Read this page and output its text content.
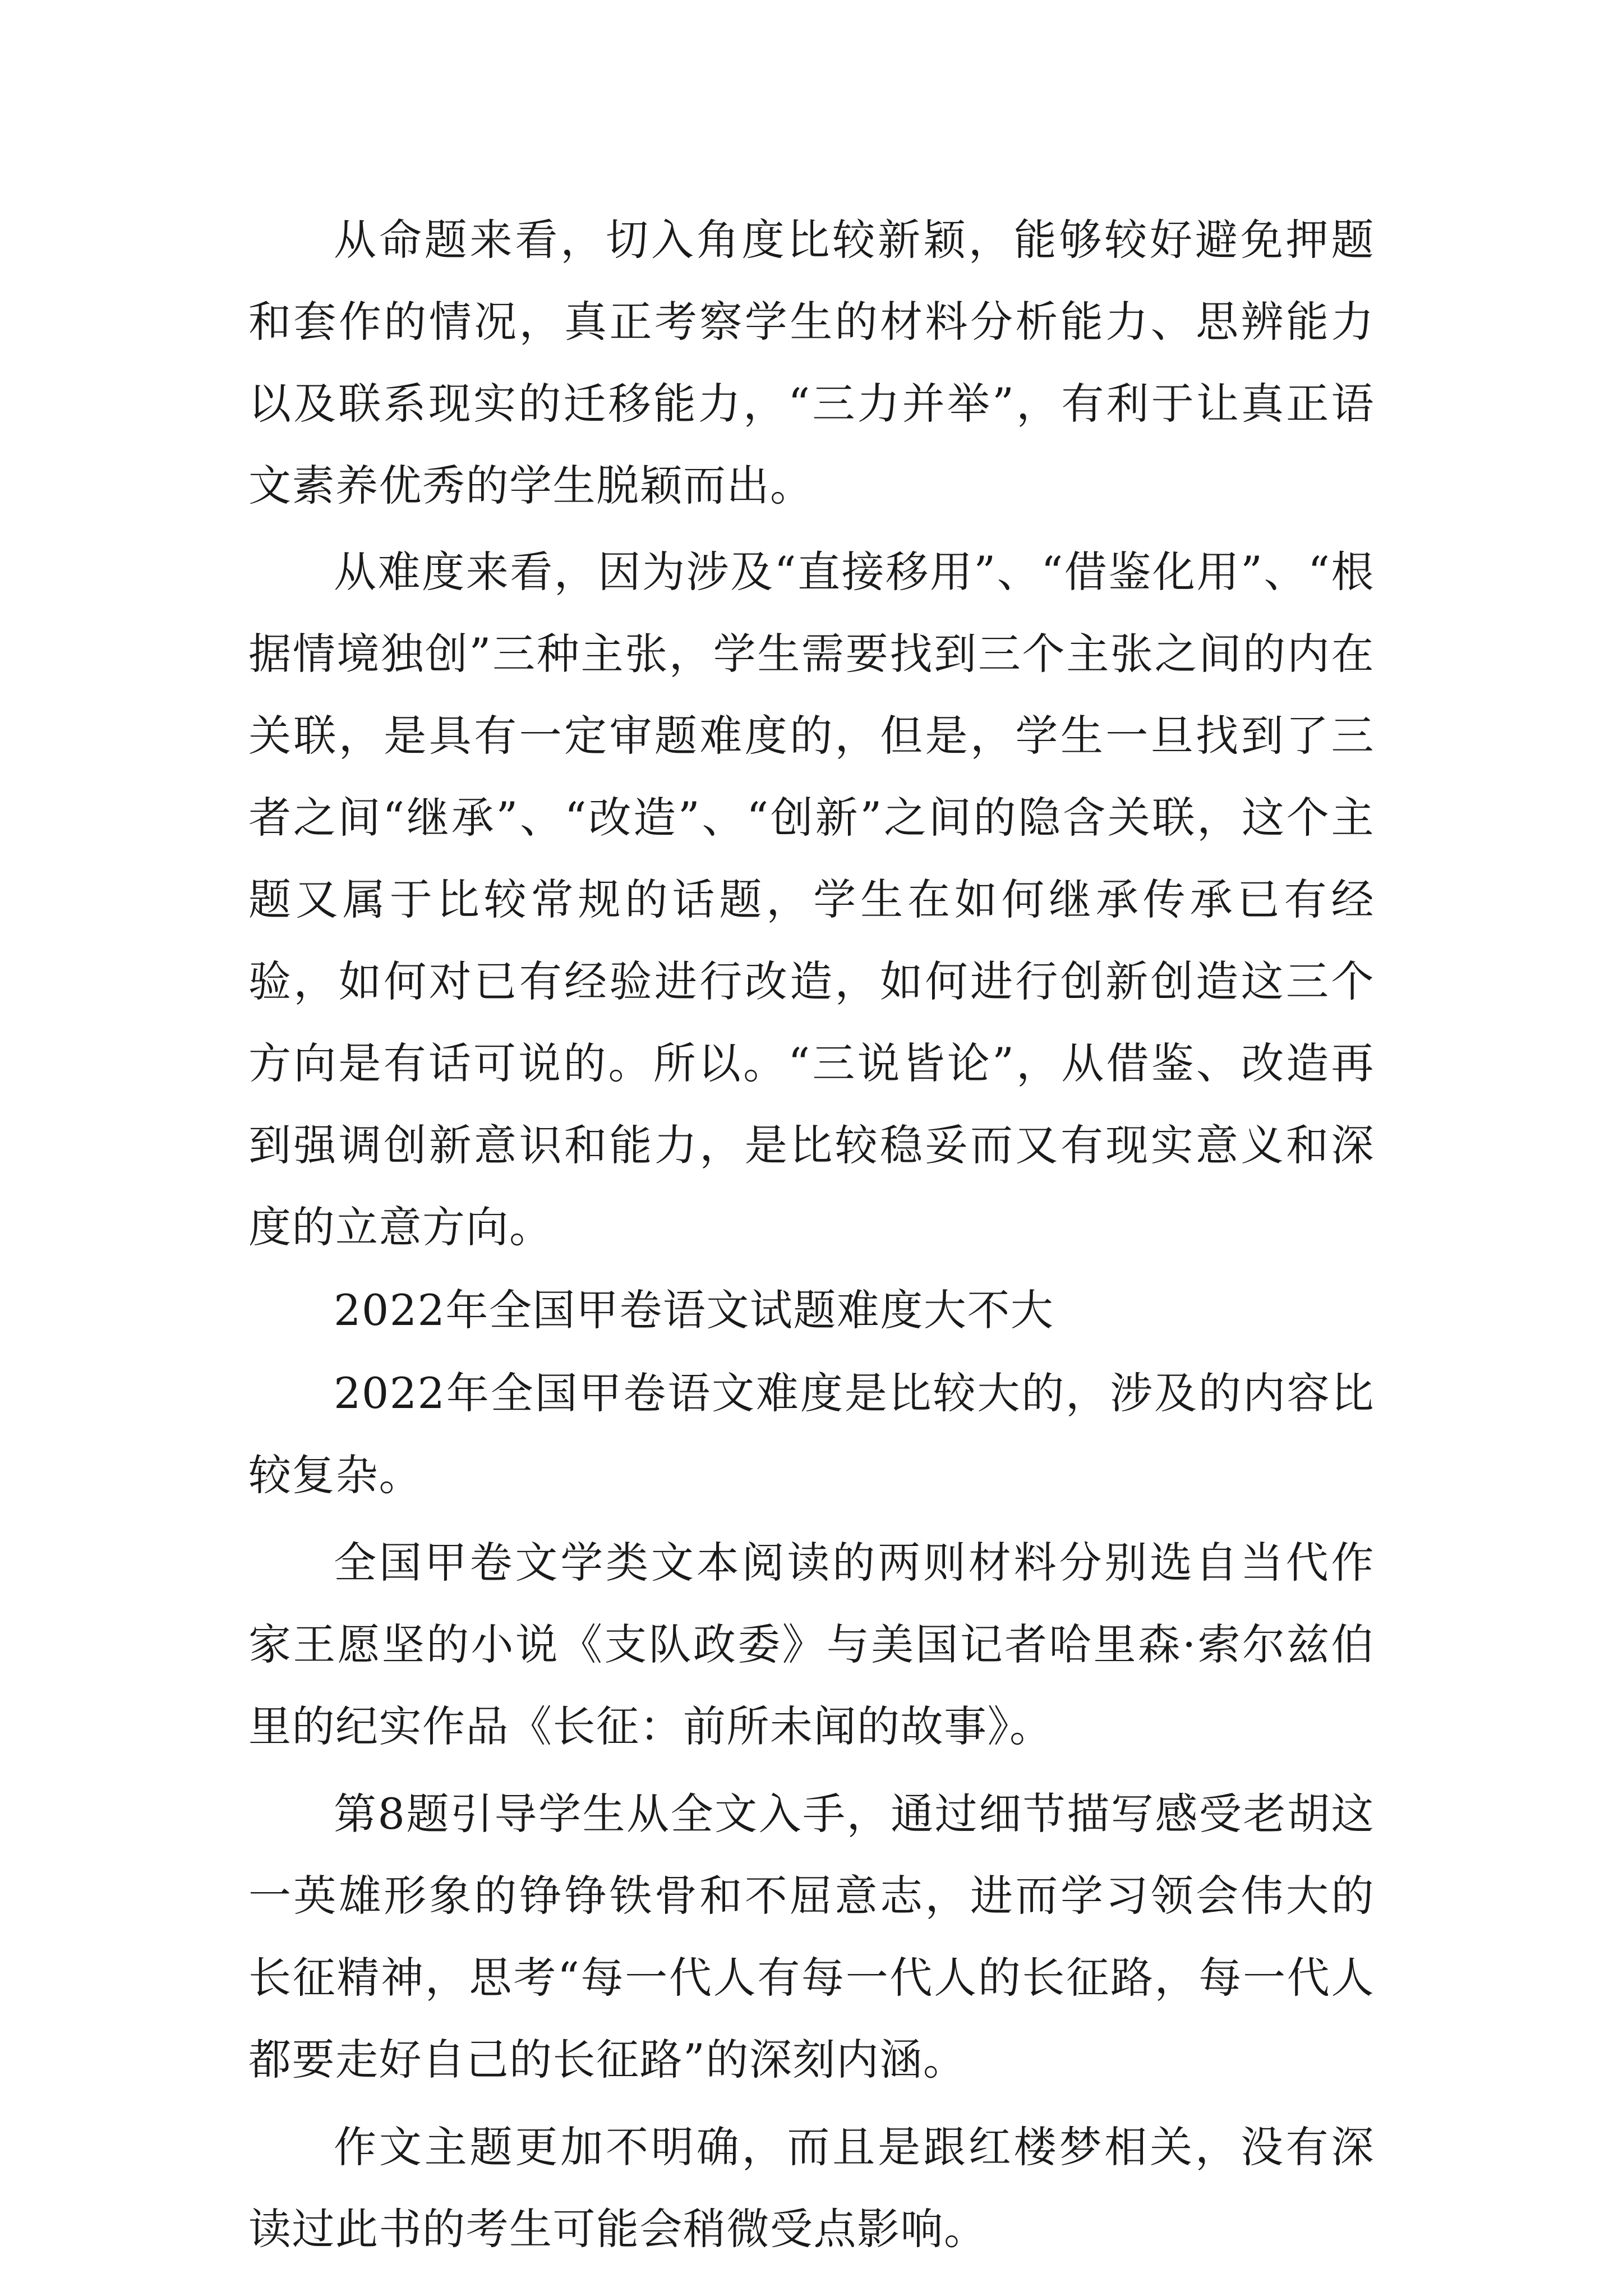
从命题来看，切入角度比较新颖，能够较好避免押题和套作的情况，真正考察学生的材料分析能力、思辨能力以及联系现实的迁移能力，“三力并举”，有利于让真正语文素养优秀的学生脱颖而出。

从难度来看，因为涉及“直接移用”、“借鉴化用”、“根据情境独创”三种主张，学生需要找到三个主张之间的内在关联，是具有一定审题难度的，但是，学生一旦找到了三者之间“继承”、“改造”、“创新”之间的隐含关联，这个主题又属于比较常规的话题，学生在如何继承传承已有经验，如何对已有经验进行改造，如何进行创新创造这三个方向是有话可说的。所以。“三说皆论”，从借鉴、改造再到强调创新意识和能力，是比较稳妥而又有现实意义和深度的立意方向。

2022年全国甲卷语文试题难度大不大

2022年全国甲卷语文难度是比较大的，涉及的内容比较复杂。

全国甲卷文学类文本阅读的两则材料分别选自当代作家王愿坚的小说《支队政委》与美国记者哈里森·索尔兹伯里的纪实作品《长征：前所未闻的故事》。

第8题引导学生从全文入手，通过细节描写感受老胡这一英雄形象的铮铮铁骨和不屈意志，进而学习领会伟大的长征精神，思考“每一代人有每一代人的长征路，每一代人都要走好自己的长征路”的深刻内涵。

作文主题更加不明确，而且是跟红楼梦相关，没有深读过此书的考生可能会稍微受点影响。
